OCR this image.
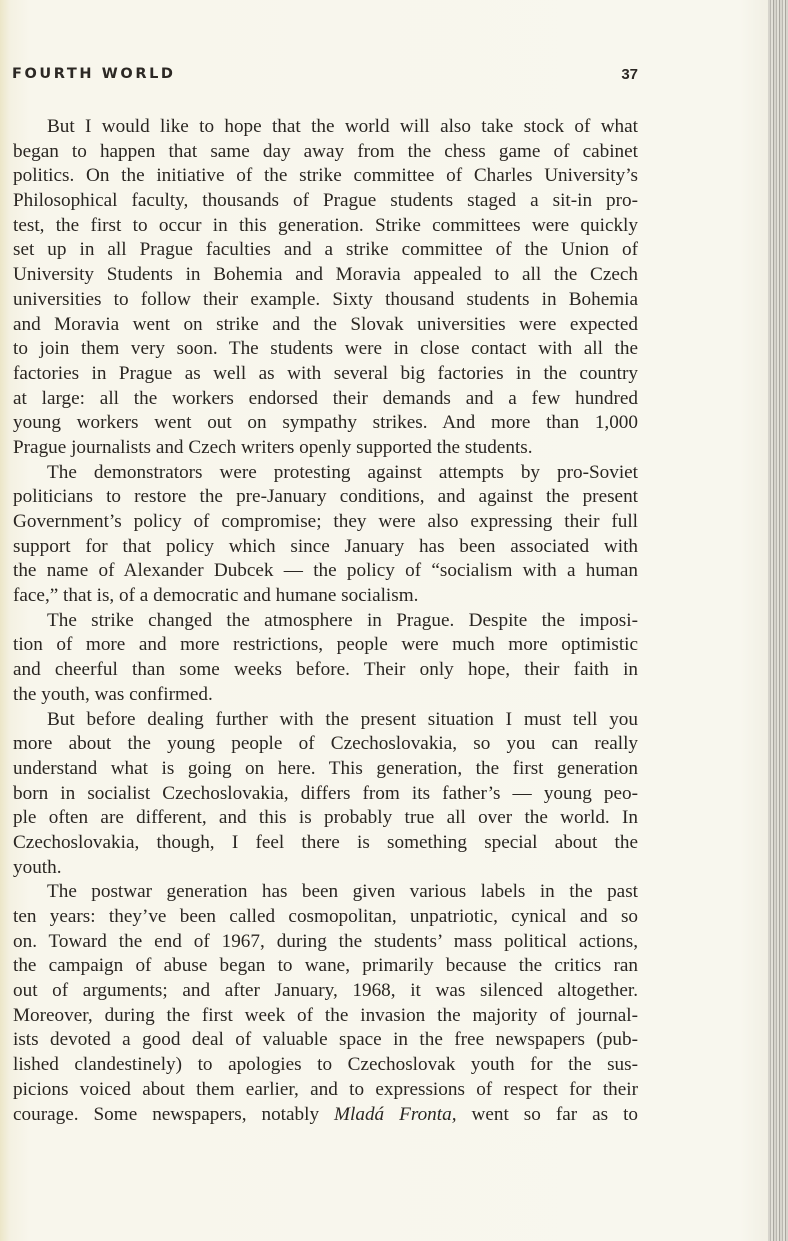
FOURTH WORLD	37
But I would like to hope that the world will also take stock of what
began to happen that same day away from the chess game of cabinet
politics. On the initiative of the strike committee of Charles University’s
Philosophical faculty, thousands of Prague students staged a sit-in pro-
test, the first to occur in this generation. Strike committees were quickly
set up in all Prague faculties and a strike committee of the Union of
University Students in Bohemia and Moravia appealed to all the Czech
universities to follow their example. Sixty thousand students in Bohemia
and Moravia went on strike and the Slovak universities were expected
to join them very soon. The students were in close contact with all the
factories in Prague as well as with several big factories in the country
at large: all the workers endorsed their demands and a few hundred
young workers went out on sympathy strikes. And more than 1,000
Prague journalists and Czech writers openly supported the students.
The demonstrators were protesting against attempts by pro-Soviet
politicians to restore the pre-January conditions, and against the present
Government’s policy of compromise; they were also expressing their full
support for that policy which since January has been associated with
the name of Alexander Dubcek — the policy of “socialism with a human
face,” that is, of a democratic and humane socialism.
The strike changed the atmosphere in Prague. Despite the imposi-
tion of more and more restrictions, people were much more optimistic
and cheerful than some weeks before. Their only hope, their faith in
the youth, was confirmed.
But before dealing further with the present situation I must tell you
more about the young people of Czechoslovakia, so you can really
understand what is going on here. This generation, the first generation
born in socialist Czechoslovakia, differs from its father’s — young peo-
ple often are different, and this is probably true all over the world. In
Czechoslovakia, though, I feel there is something special about the
youth.
The postwar generation has been given various labels in the past
ten years: they’ve been called cosmopolitan, unpatriotic, cynical and so
on. Toward the end of 1967, during the students’ mass political actions,
the campaign of abuse began to wane, primarily because the critics ran
out of arguments; and after January, 1968, it was silenced altogether.
Moreover, during the first week of the invasion the majority of journal-
ists devoted a good deal of valuable space in the free newspapers (pub-
lished clandestinely) to apologies to Czechoslovak youth for the sus-
picions voiced about them earlier, and to expressions of respect for their
courage. Some newspapers, notably Mladá Fronta, went so far as to
